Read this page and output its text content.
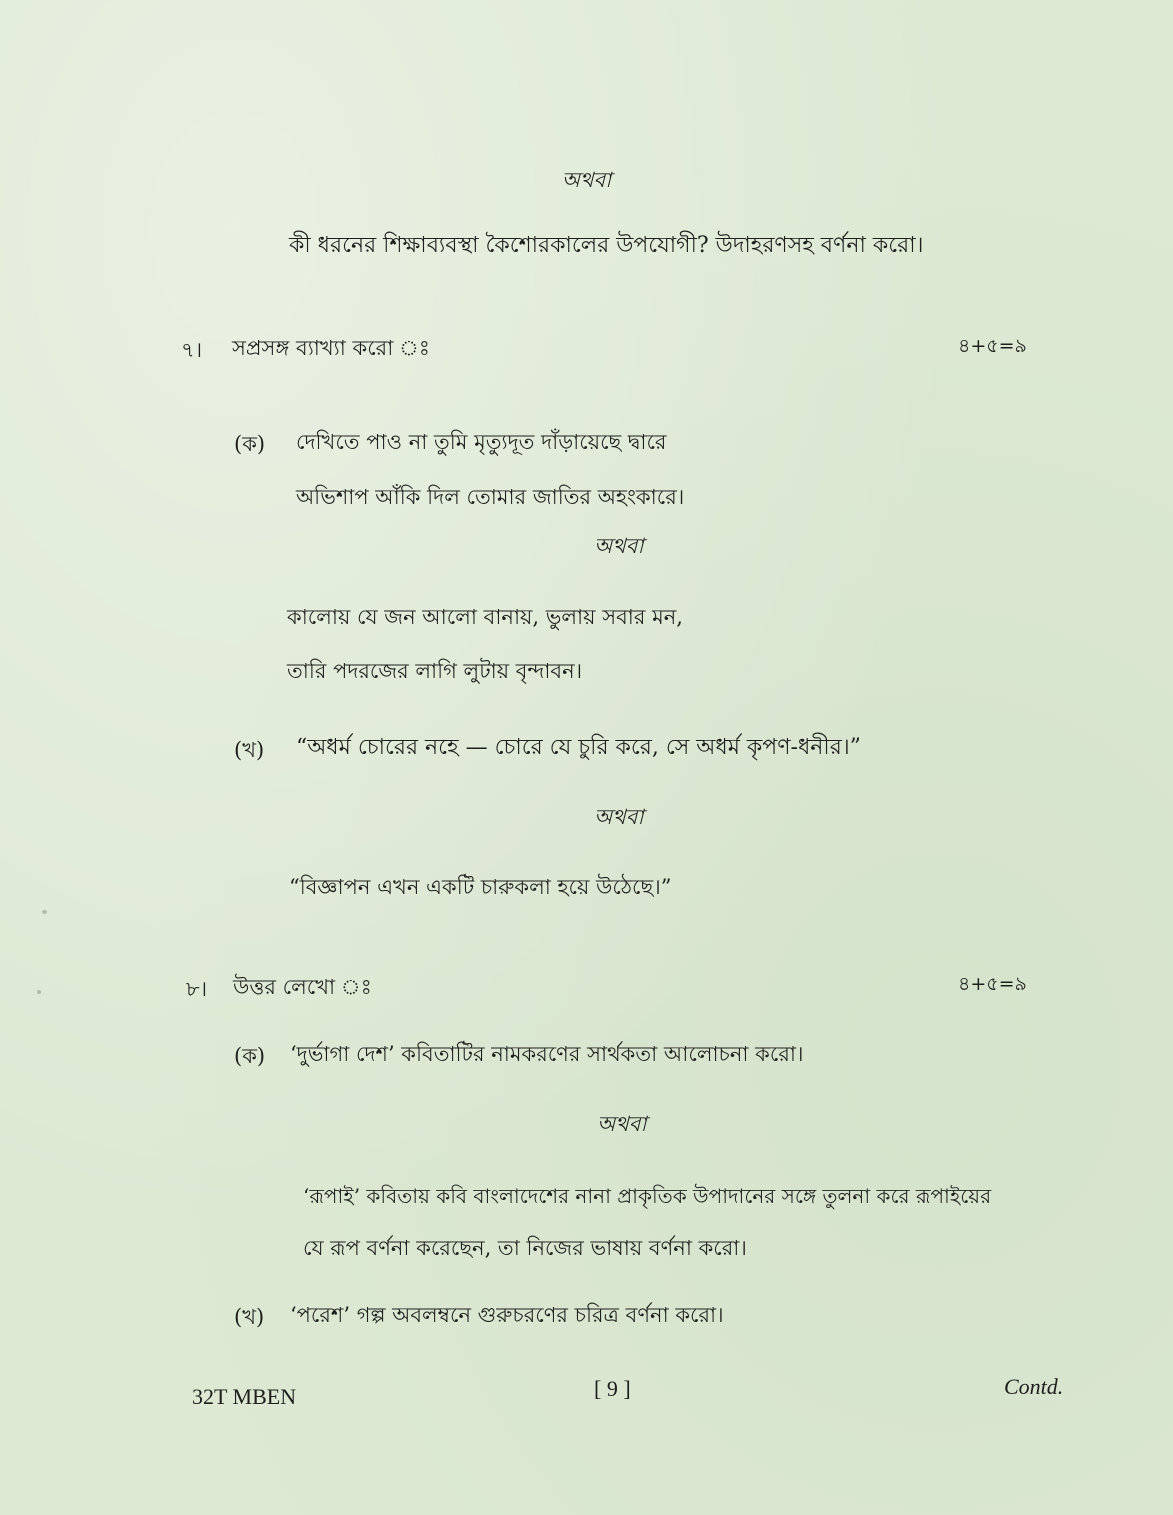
অথবা
কী ধরনের শিক্ষাব্যবস্থা কৈশোরকালের উপযোগী? উদাহরণসহ বর্ণনা করো।
৭। সপ্রসঙ্গ ব্যাখ্যা করো ঃ	৪+৫=৯
(ক) দেখিতে পাও না তুমি মৃত্যুদূত দাঁড়ায়েছে দ্বারে
অভিশাপ আঁকি দিল তোমার জাতির অহংকারে।
অথবা
কালোয় যে জন আলো বানায়, ভুলায় সবার মন,
তারি পদরজের লাগি লুটায় বৃন্দাবন।
(খ) “অধর্ম চোরের নহে — চোরে যে চুরি করে, সে অধর্ম কৃপণ-ধনীর।”
অথবা
“বিজ্ঞাপন এখন একটি চারুকলা হয়ে উঠেছে।”
৮। উত্তর লেখো ঃ	৪+৫=৯
(ক) ‘দুর্ভাগা দেশ’ কবিতাটির নামকরণের সার্থকতা আলোচনা করো।
অথবা
‘রূপাই’ কবিতায় কবি বাংলাদেশের নানা প্রাকৃতিক উপাদানের সঙ্গে তুলনা করে রূপাইয়ের
যে রূপ বর্ণনা করেছেন, তা নিজের ভাষায় বর্ণনা করো।
(খ) ‘পরেশ’ গল্প অবলম্বনে গুরুচরণের চরিত্র বর্ণনা করো।
32T MBEN	[ 9 ]	Contd.
